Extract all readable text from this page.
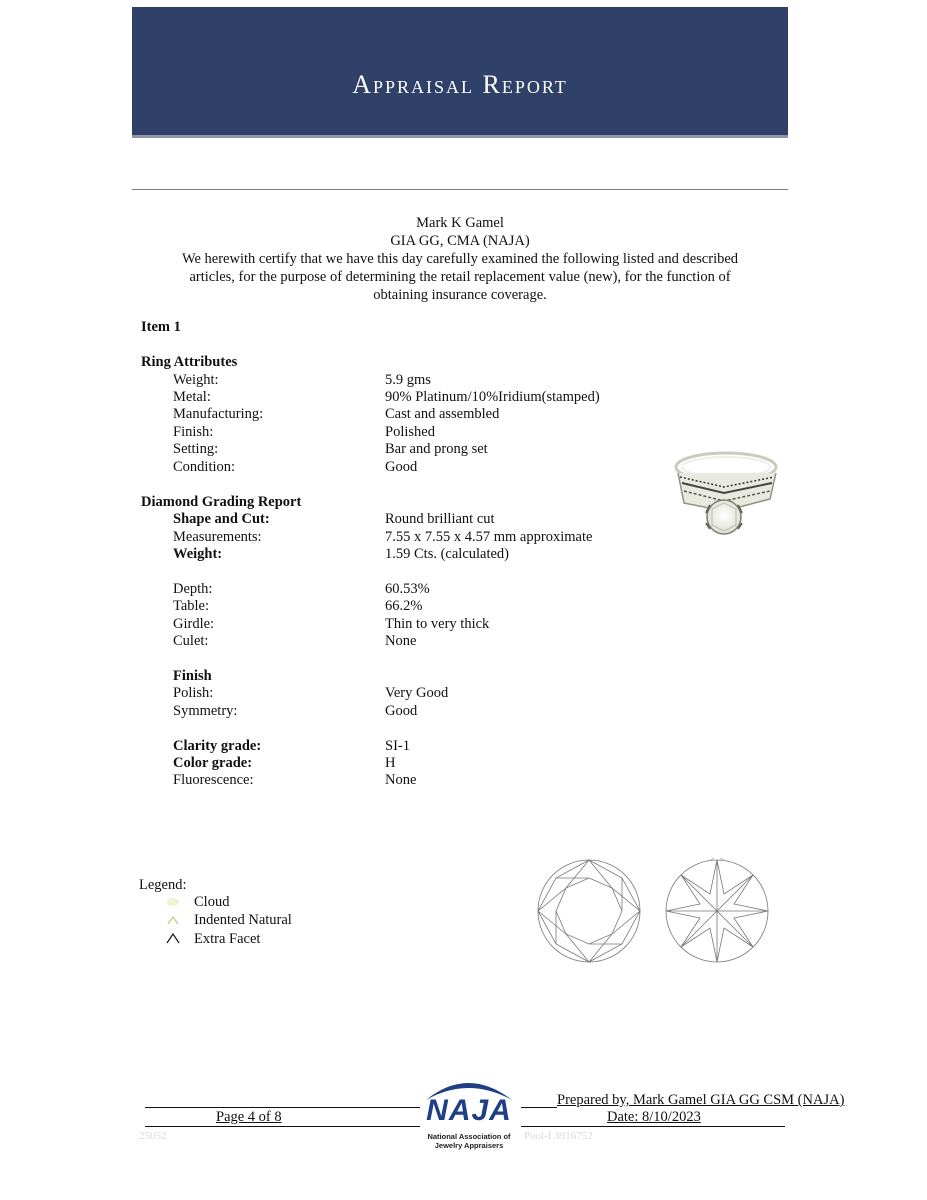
Appraisal Report
Mark K Gamel
GIA GG, CMA (NAJA)
We herewith certify that we have this day carefully examined the following listed and described
articles, for the purpose of determining the retail replacement value (new), for the function of
obtaining insurance coverage.
Item 1
Ring Attributes
Weight:	5.9 gms
Metal:	90% Platinum/10%Iridium(stamped)
Manufacturing:	Cast and assembled
Finish:	Polished
Setting:	Bar and prong set
Condition:	Good
Diamond Grading Report
Shape and Cut:	Round brilliant cut
Measurements:	7.55 x 7.55 x 4.57 mm approximate
Weight:	1.59 Cts. (calculated)
Depth:	60.53%
Table:	66.2%
Girdle:	Thin to very thick
Culet:	None
Finish
Polish:	Very Good
Symmetry:	Good
Clarity grade:	SI-1
Color grade:	H
Fluorescence:	None
Legend:
Cloud
Indented Natural
Extra Facet
Page 4 of 8	NAJA
National Association of
Jewelry Appraisers
Prepared by, Mark Gamel GIA GG CSM (NAJA)
Date: 8/10/2023
25052	Pool-f 3916752
